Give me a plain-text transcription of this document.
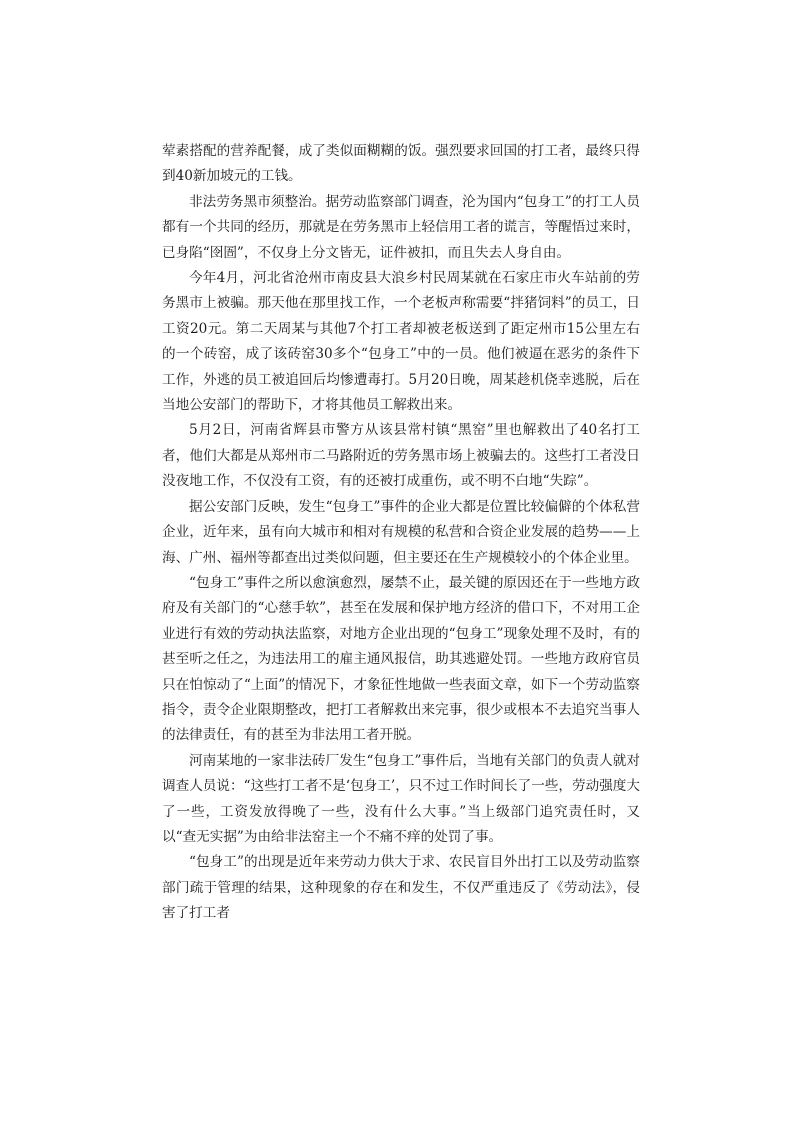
荤素搭配的营养配餐，成了类似面糊糊的饭。强烈要求回国的打工者，最终只得到40新加坡元的工钱。

非法劳务黑市须整治。据劳动监察部门调查，沦为国内“包身工”的打工人员都有一个共同的经历，那就是在劳务黑市上轻信用工者的谎言，等醒悟过来时，已身陷“囹圄”，不仅身上分文皆无，证件被扣，而且失去人身自由。

今年4月，河北省沧州市南皮县大浪乡村民周某就在石家庄市火车站前的劳务黑市上被骗。那天他在那里找工作，一个老板声称需要“拌猪饲料”的员工，日工资20元。第二天周某与其他7个打工者却被老板送到了距定州市15公里左右的一个砖窑，成了该砖窑30多个“包身工”中的一员。他们被逼在恶劣的条件下工作，外逃的员工被追回后均惨遭毒打。5月20日晚，周某趁机侥幸逃脱，后在当地公安部门的帮助下，才将其他员工解救出来。

5月2日，河南省辉县市警方从该县常村镇“黑窑”里也解救出了40名打工者，他们大都是从郑州市二马路附近的劳务黑市场上被骗去的。这些打工者没日没夜地工作，不仅没有工资，有的还被打成重伤，或不明不白地“失踪”。

据公安部门反映，发生“包身工”事件的企业大都是位置比较偏僻的个体私营企业，近年来，虽有向大城市和相对有规模的私营和合资企业发展的趋势——上海、广州、福州等都查出过类似问题，但主要还在生产规模较小的个体企业里。

“包身工”事件之所以愈演愈烈，屡禁不止，最关键的原因还在于一些地方政府及有关部门的“心慈手软”，甚至在发展和保护地方经济的借口下，不对用工企业进行有效的劳动执法监察，对地方企业出现的“包身工”现象处理不及时，有的甚至听之任之，为违法用工的雇主通风报信，助其逃避处罚。一些地方政府官员只在怕惊动了“上面”的情况下，才象征性地做一些表面文章，如下一个劳动监察指令，责令企业限期整改，把打工者解救出来完事，很少或根本不去追究当事人的法律责任，有的甚至为非法用工者开脱。

河南某地的一家非法砖厂发生“包身工”事件后，当地有关部门的负责人就对调查人员说：“这些打工者不是‘包身工’，只不过工作时间长了一些，劳动强度大了一些，工资发放得晚了一些，没有什么大事。”当上级部门追究责任时，又以“查无实据”为由给非法窑主一个不痛不痒的处罚了事。

“包身工”的出现是近年来劳动力供大于求、农民盲目外出打工以及劳动监察部门疏于管理的结果，这种现象的存在和发生，不仅严重违反了《劳动法》，侵害了打工者
